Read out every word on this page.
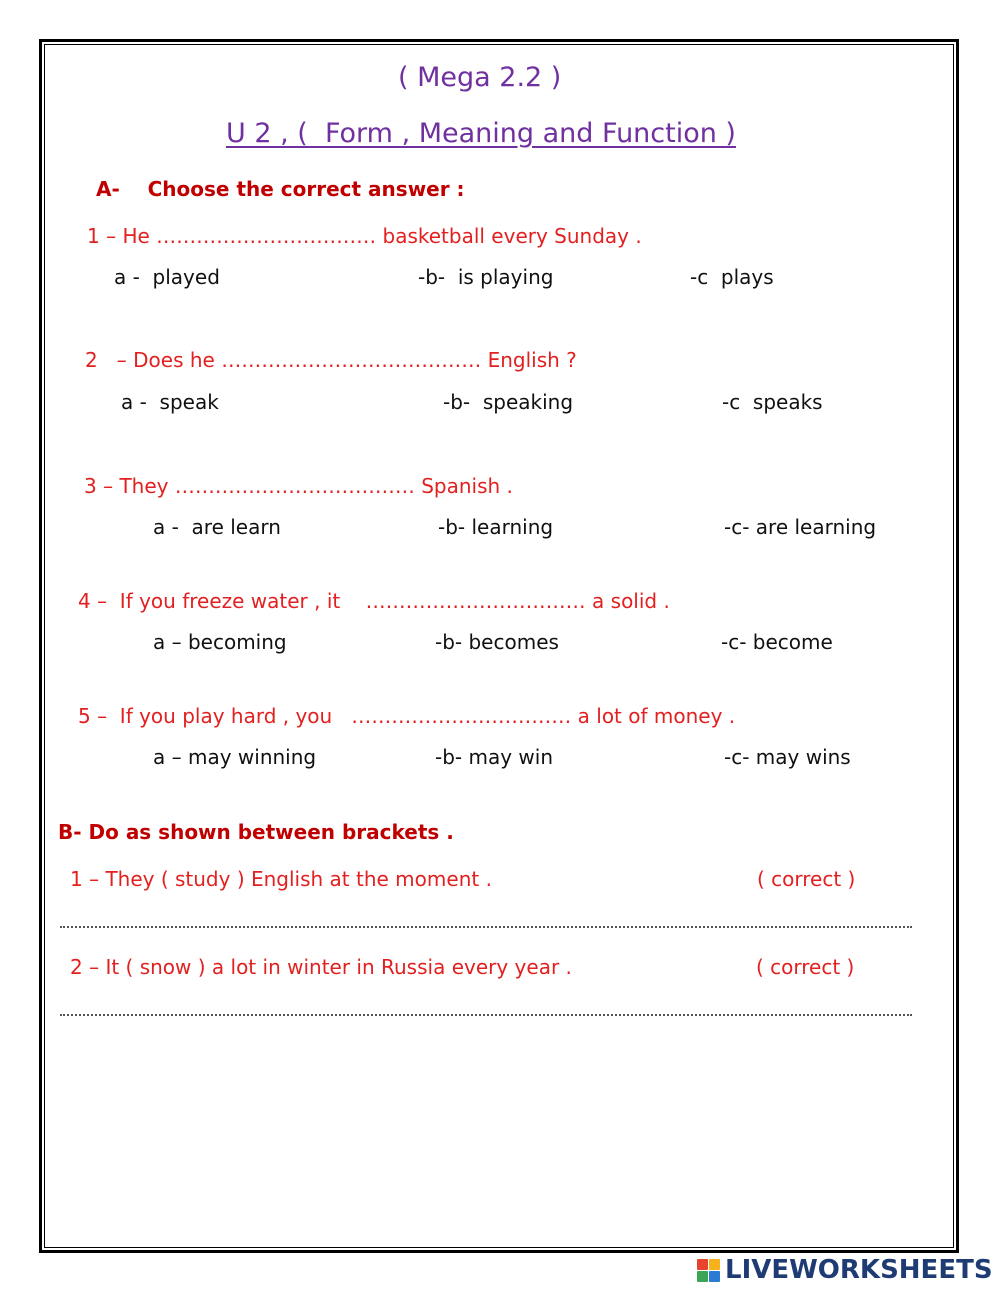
( Mega 2.2 )
U 2 , (  Form , Meaning and Function )
A-    Choose the correct answer :
1 – He …………………………… basketball every Sunday .
a -  played	-b-  is playing	-c  plays
2   – Does he ………………………………… English ?
a -  speak	-b-  speaking	-c  speaks
3 – They ……………………………… Spanish .
a -  are learn	-b- learning	-c- are learning
4 –  If you freeze water , it    …………………………… a solid .
a – becoming	-b- becomes	-c- become
5 –  If you play hard , you   …………………………… a lot of money .
a – may winning	-b- may win	-c- may wins
B- Do as shown between brackets .
1 – They ( study ) English at the moment .	( correct )
2 – It ( snow ) a lot in winter in Russia every year .	( correct )
LIVEWORKSHEETS
